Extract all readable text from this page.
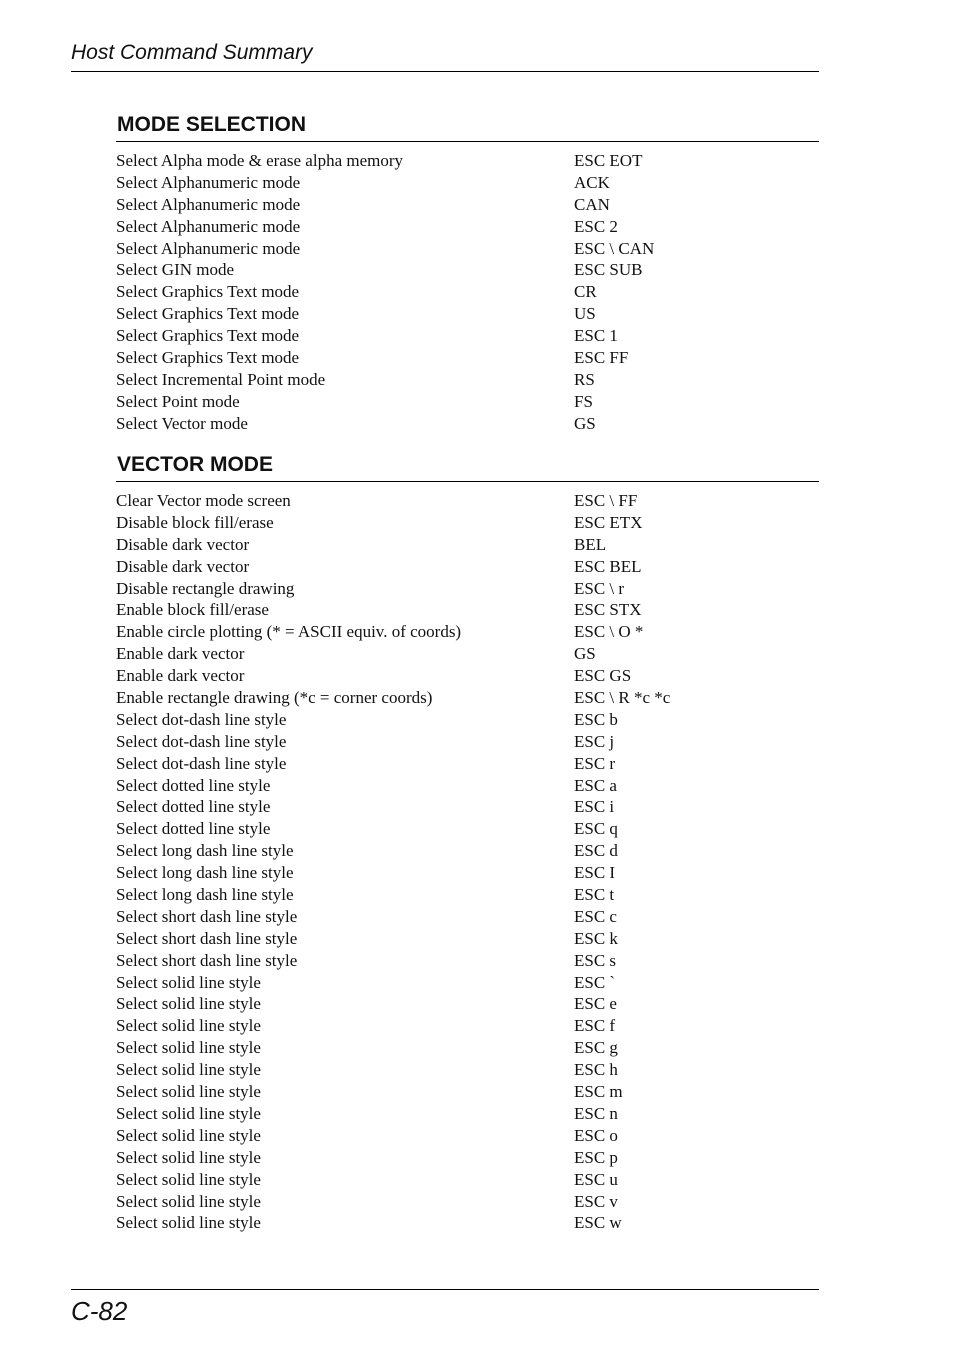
Host Command Summary
MODE SELECTION
Select Alpha mode & erase alpha memory	ESC EOT
Select Alphanumeric mode	ACK
Select Alphanumeric mode	CAN
Select Alphanumeric mode	ESC 2
Select Alphanumeric mode	ESC \ CAN
Select GIN mode	ESC SUB
Select Graphics Text mode	CR
Select Graphics Text mode	US
Select Graphics Text mode	ESC 1
Select Graphics Text mode	ESC FF
Select Incremental Point mode	RS
Select Point mode	FS
Select Vector mode	GS
VECTOR MODE
Clear Vector mode screen	ESC \ FF
Disable block fill/erase	ESC ETX
Disable dark vector	BEL
Disable dark vector	ESC BEL
Disable rectangle drawing	ESC \ r
Enable block fill/erase	ESC STX
Enable circle plotting (* = ASCII equiv. of coords)	ESC \ O *
Enable dark vector	GS
Enable dark vector	ESC GS
Enable rectangle drawing (*c = corner coords)	ESC \ R *c *c
Select dot-dash line style	ESC b
Select dot-dash line style	ESC j
Select dot-dash line style	ESC r
Select dotted line style	ESC a
Select dotted line style	ESC i
Select dotted line style	ESC q
Select long dash line style	ESC d
Select long dash line style	ESC I
Select long dash line style	ESC t
Select short dash line style	ESC c
Select short dash line style	ESC k
Select short dash line style	ESC s
Select solid line style	ESC `
Select solid line style	ESC e
Select solid line style	ESC f
Select solid line style	ESC g
Select solid line style	ESC h
Select solid line style	ESC m
Select solid line style	ESC n
Select solid line style	ESC o
Select solid line style	ESC p
Select solid line style	ESC u
Select solid line style	ESC v
Select solid line style	ESC w
C-82
